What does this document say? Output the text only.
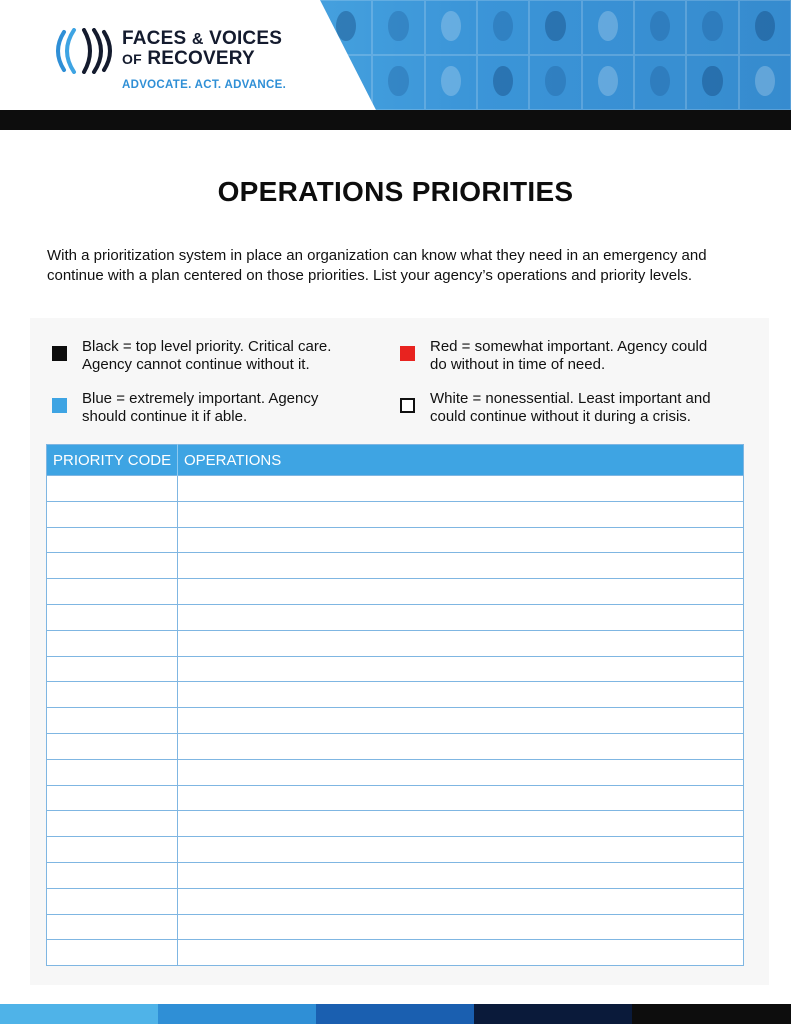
FACES & VOICES
OF RECOVERY
ADVOCATE. ACT. ADVANCE.
OPERATIONS PRIORITIES
With a prioritization system in place an organization can know what they need in an emergency and continue with a plan centered on those priorities. List your agency’s operations and priority levels.
Black = top level priority. Critical care.
Agency cannot continue without it.
Red = somewhat important. Agency could
do without in time of need.
Blue = extremely important. Agency
should continue it if able.
White = nonessential. Least important and
could continue without it during a crisis.
PRIORITY CODE	OPERATIONS
